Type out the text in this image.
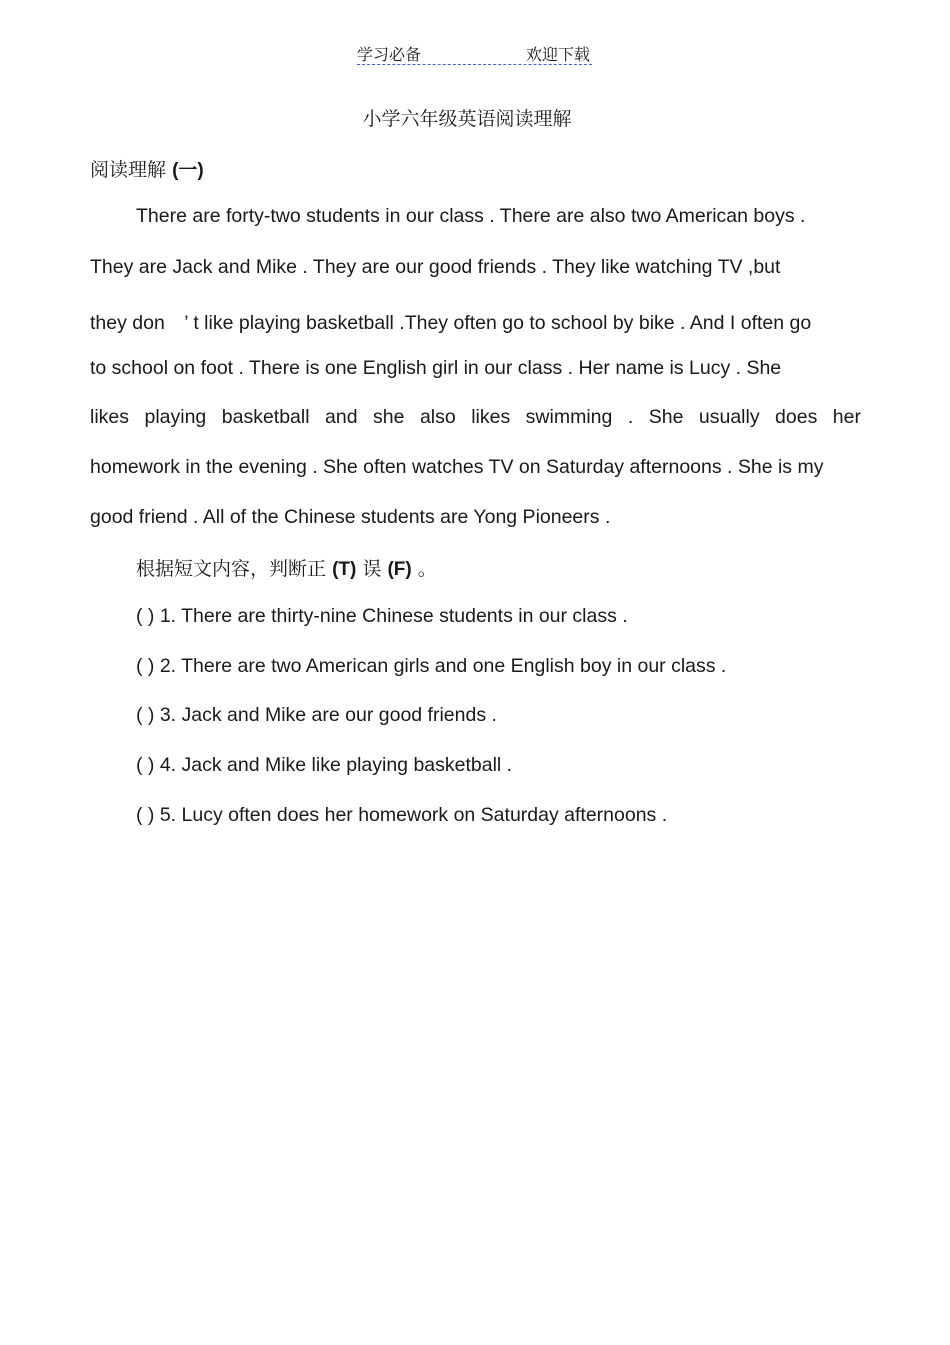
学习必备	欢迎下载
小学六年级英语阅读理解
阅读理解 (一)
There are forty-two students in our class . There are also two American boys .
They are Jack and Mike . They are our good friends . They like watching TV ,but
they don　’ t like playing basketball .They often go to school by bike . And I often go
to school on foot . There is one English girl in our class . Her name is Lucy . She
likes playing basketball and she also likes swimming . She usually does her
homework in the evening . She often watches TV on Saturday afternoons . She is my
good friend . All of the Chinese students are Yong Pioneers .
根据短文内容，判断正 (T) 误 (F) 。
( ) 1. There are thirty-nine Chinese students in our class .
( ) 2. There are two American girls and one English boy in our class .
( ) 3. Jack and Mike are our good friends .
( ) 4. Jack and Mike like playing basketball .
( ) 5. Lucy often does her homework on Saturday afternoons .
